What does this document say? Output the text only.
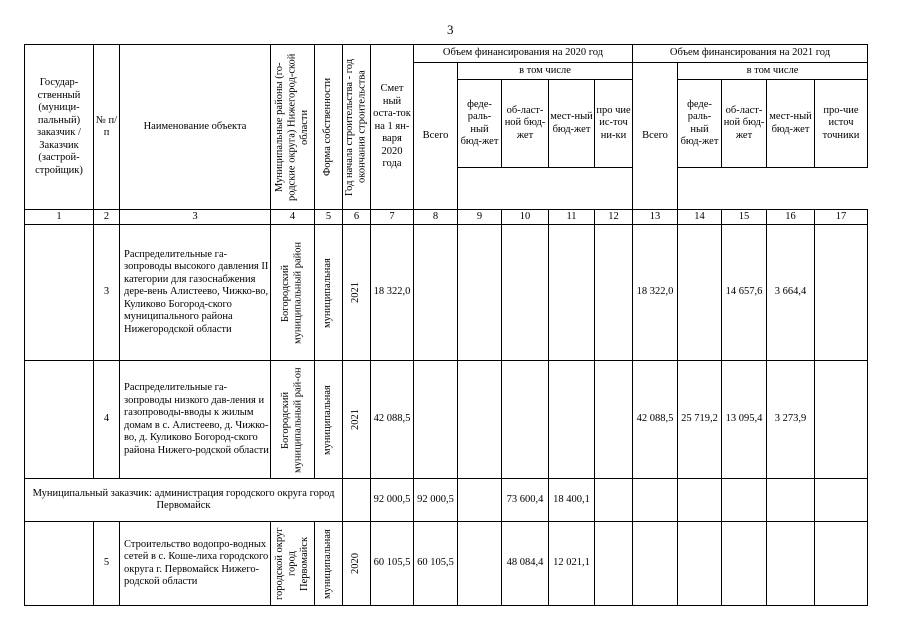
3
Государ-ственный (муници-пальный) заказчик /Заказчик (застрой-стройщик)	№ п/п	Наименование объекта	Муниципальные районы (го-родские округа) Нижегород-ской области	Форма собственности	Год начала строительства - год окончания строительства	Смет ный оста-ток на 1 ян-варя 2020 года	Объем финансирования на 2020 год					Объем финансирования на 2021 год				
							Всего	в том числе				Всего	в том числе			
								феде-раль-ный бюд-жет	об-ласт-ной бюд-жет	мест-ный бюд-жет	про чие ис-точ ни-ки		феде-раль-ный бюд-жет	об-ласт-ной бюд-жет	мест-ный бюд-жет	про-чие источ точники

1	2	3	4	5	6	7	8	9	10	11	12	13	14	15	16	17
	3	Распределительные га-зопроводы высокого давления II категории для газоснабжения дере-вень Алистеево, Чижко-во, Куликово Богород-ского муниципального района Нижегородской области	Богородский муниципальный район	муниципальная	2021	18 322,0						18 322,0		14 657,6	3 664,4	
	4	Распределительные га-зопроводы низкого дав-ления и газопроводы-вводы к жилым домам в с. Алистеево, д. Чижко-во, д. Куликово Богород-ского района Нижего-родской области	Богородский муниципальный рай-он	муниципальная	2021	42 088,5						42 088,5	25 719,2	13 095,4	3 273,9	
Муниципальный заказчик: администрация городского округа город Первомайск						92 000,5	92 000,5		73 600,4	18 400,1						
	5	Строительство водопро-водных сетей в с. Коше-лиха городского округа г. Первомайск Нижего-родской области	городской округ город Первомайск	муниципальная	2020	60 105,5	60 105,5		48 084,4	12 021,1						
